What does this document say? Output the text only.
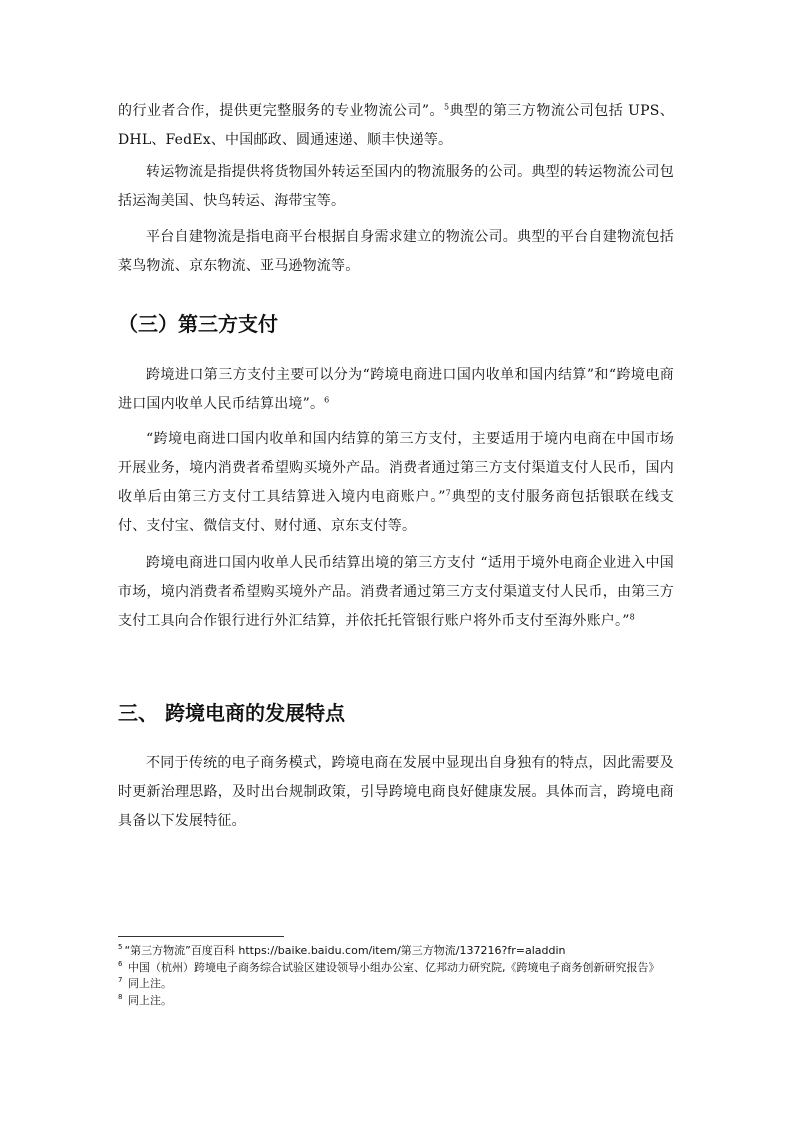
的行业者合作，提供更完整服务的专业物流公司”。$^5$典型的第三方物流公司包括 UPS、DHL、FedEx、中国邮政、圆通速递、顺丰快递等。
转运物流是指提供将货物国外转运至国内的物流服务的公司。典型的转运物流公司包括运淘美国、快鸟转运、海带宝等。
平台自建物流是指电商平台根据自身需求建立的物流公司。典型的平台自建物流包括菜鸟物流、京东物流、亚马逊物流等。
（三）第三方支付
跨境进口第三方支付主要可以分为“跨境电商进口国内收单和国内结算”和“跨境电商进口国内收单人民币结算出境”。$^6$
“跨境电商进口国内收单和国内结算的第三方支付，主要适用于境内电商在中国市场开展业务，境内消费者希望购买境外产品。消费者通过第三方支付渠道支付人民币，国内收单后由第三方支付工具结算进入境内电商账户。”$^7$典型的支付服务商包括银联在线支付、支付宝、微信支付、财付通、京东支付等。
跨境电商进口国内收单人民币结算出境的第三方支付 “适用于境外电商企业进入中国市场，境内消费者希望购买境外产品。消费者通过第三方支付渠道支付人民币，由第三方支付工具向合作银行进行外汇结算，并依托托管银行账户将外币支付至海外账户。”$^8$
三、 跨境电商的发展特点
不同于传统的电子商务模式，跨境电商在发展中显现出自身独有的特点，因此需要及时更新治理思路，及时出台规制政策，引导跨境电商良好健康发展。具体而言，跨境电商具备以下发展特征。
$^5$ “第三方物流”百度百科 https://baike.baidu.com/item/第三方物流/137216?fr=aladdin
$^6$ 中国（杭州）跨境电子商务综合试验区建设领导小组办公室、亿邦动力研究院,《跨境电子商务创新研究报告》
$^7$ 同上注。
$^8$ 同上注。
